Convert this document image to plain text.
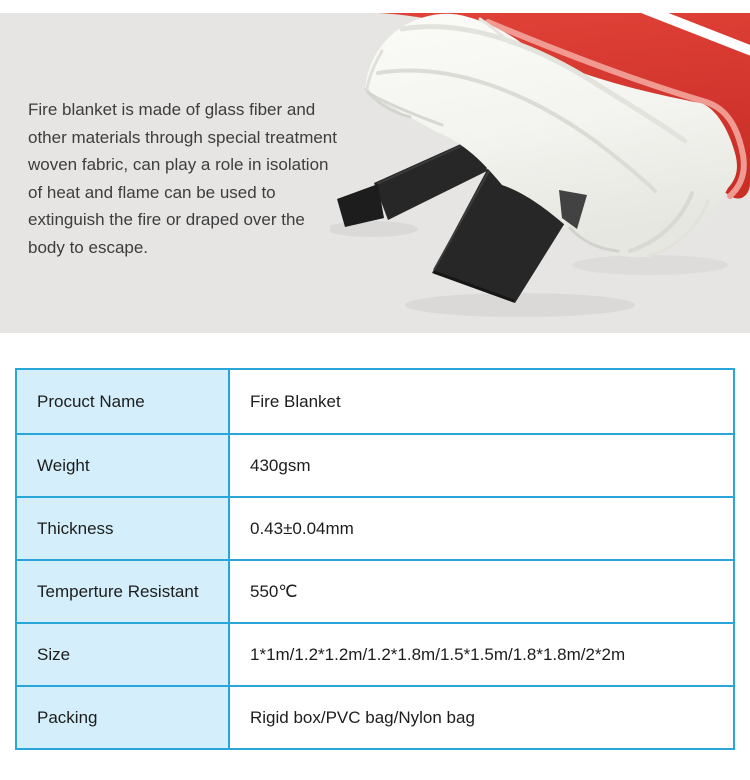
Fire blanket is made of glass fiber and
other materials through special treatment
woven fabric, can play a role in isolation
of heat and flame can be used to
extinguish the fire or draped over the
body to escape.
Procuct Name	Fire Blanket
Weight	430gsm
Thickness	0.43±0.04mm
Temperture Resistant	550℃
Size	1*1m/1.2*1.2m/1.2*1.8m/1.5*1.5m/1.8*1.8m/2*2m
Packing	Rigid box/PVC bag/Nylon bag
